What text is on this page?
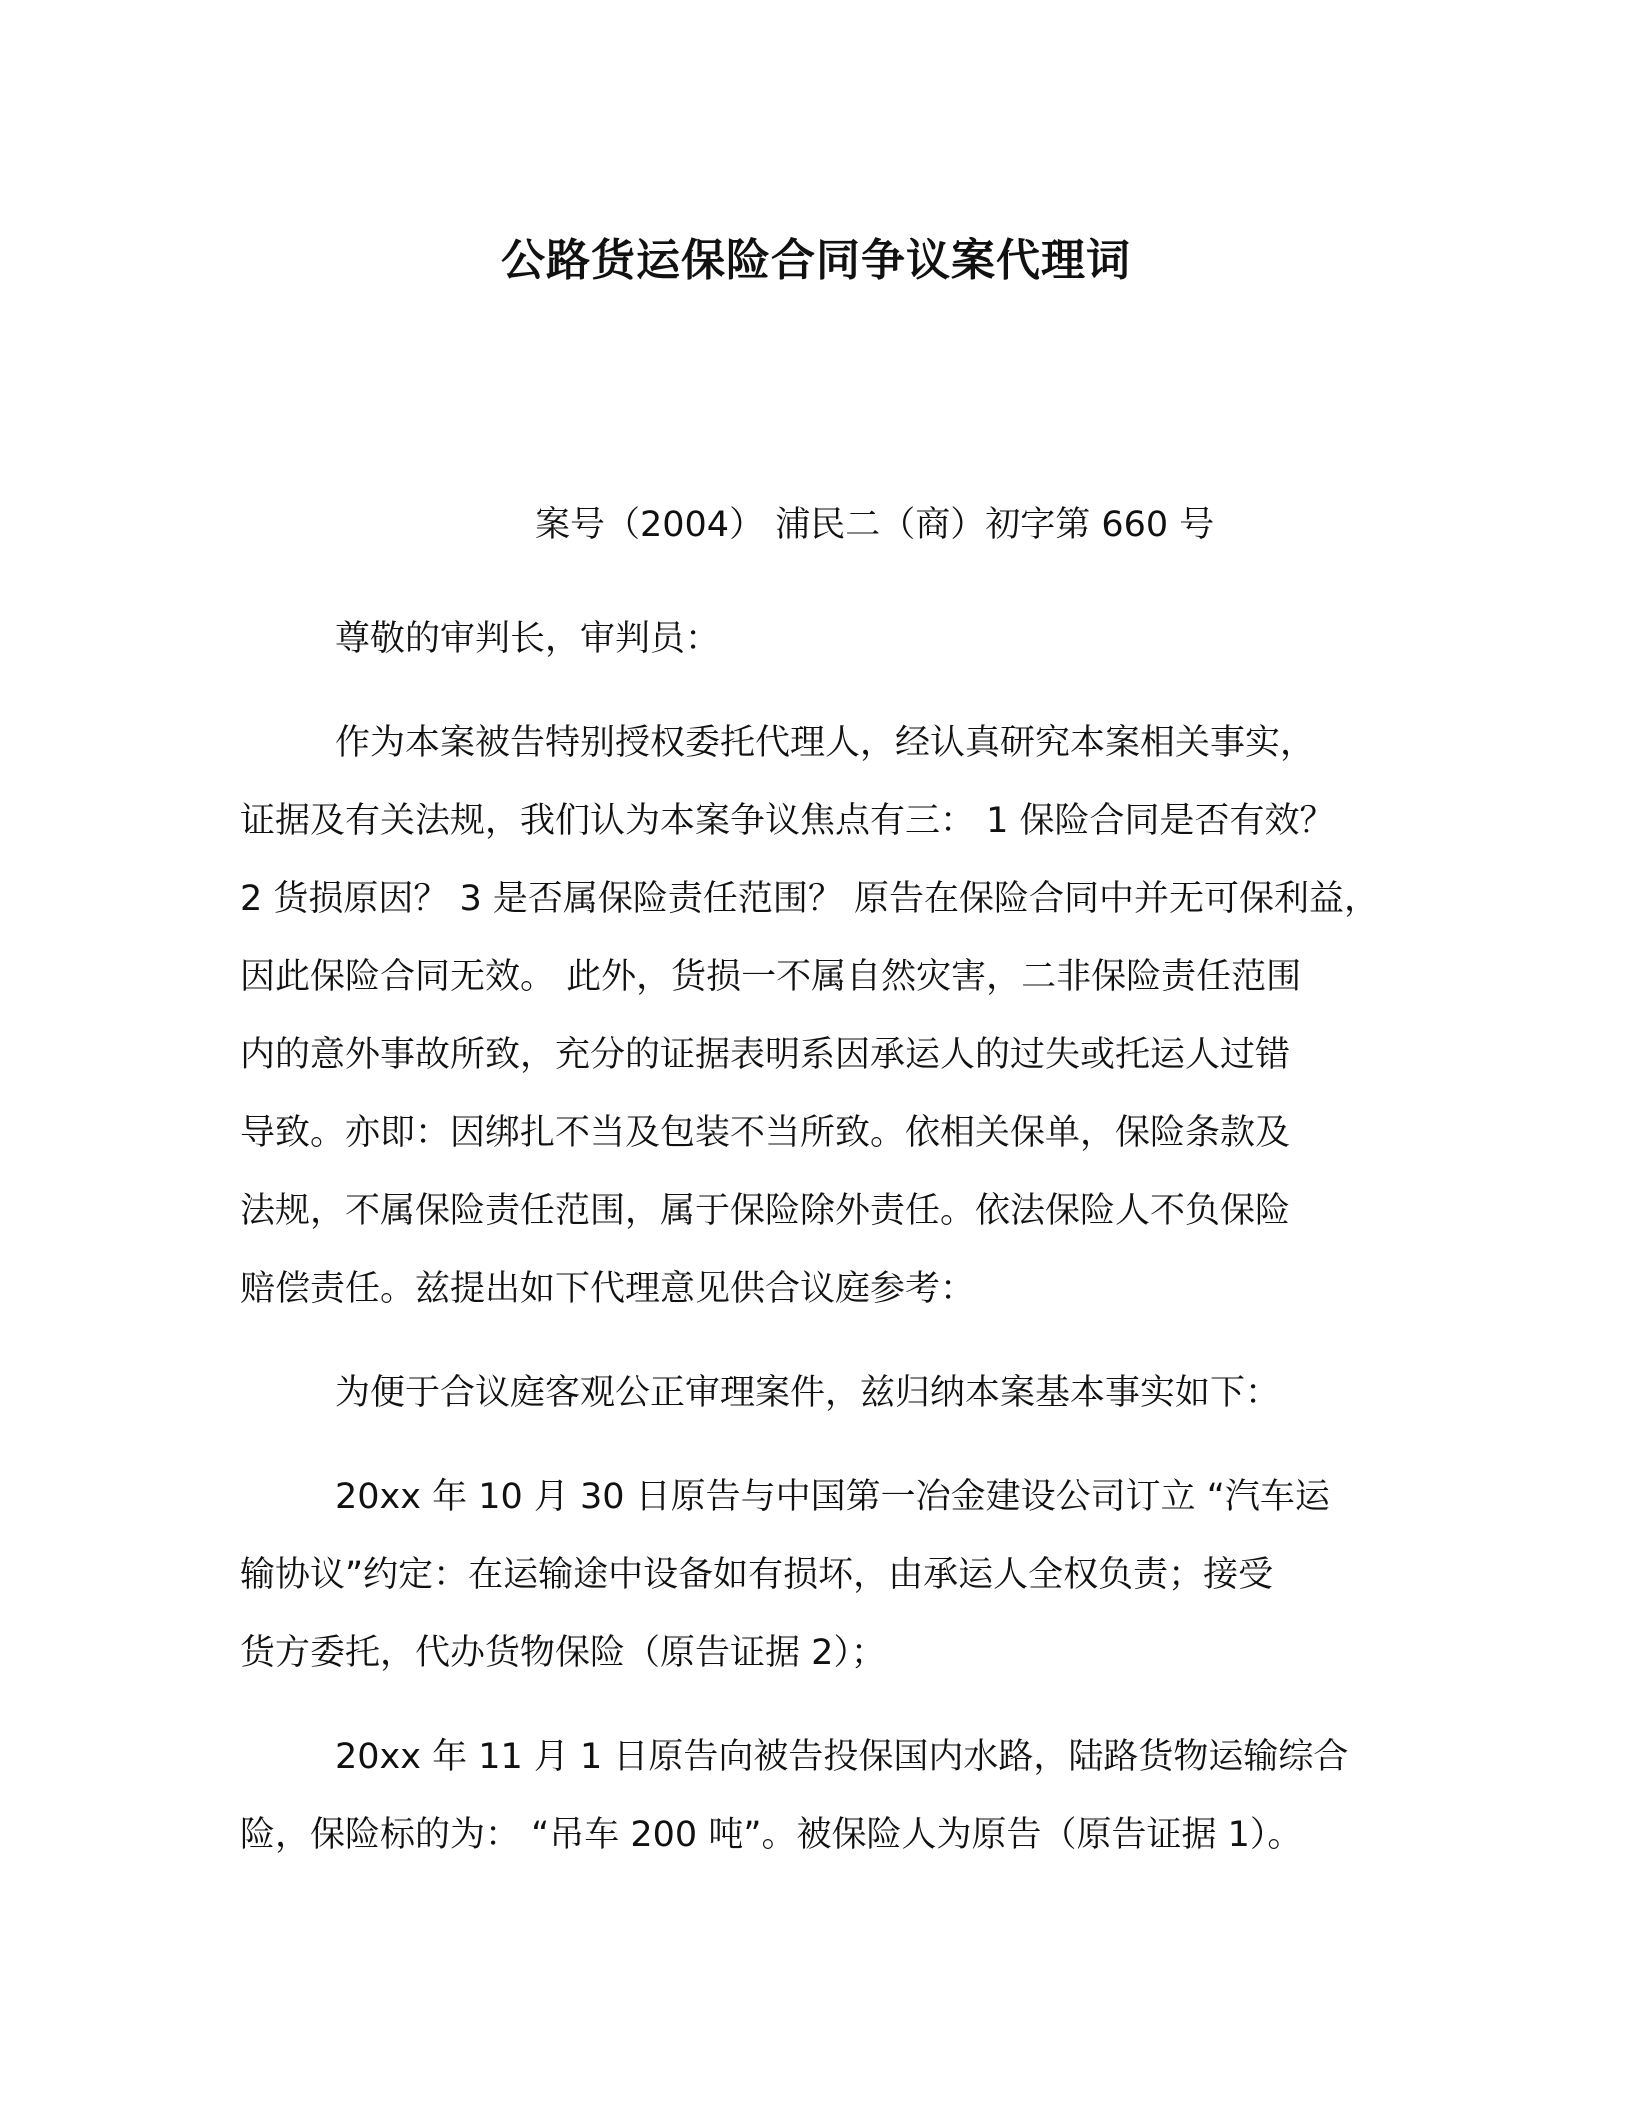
公路货运保险合同争议案代理词

案号（2004） 浦民二（商）初字第 660 号

尊敬的审判长，审判员：

作为本案被告特别授权委托代理人，经认真研究本案相关事实，
证据及有关法规，我们认为本案争议焦点有三： 1 保险合同是否有效？
2 货损原因？ 3 是否属保险责任范围？ 原告在保险合同中并无可保利益，
因此保险合同无效。 此外，货损一不属自然灾害，二非保险责任范围
内的意外事故所致，充分的证据表明系因承运人的过失或托运人过错
导致。亦即：因绑扎不当及包装不当所致。依相关保单，保险条款及
法规，不属保险责任范围，属于保险除外责任。依法保险人不负保险
赔偿责任。兹提出如下代理意见供合议庭参考：

为便于合议庭客观公正审理案件，兹归纳本案基本事实如下：

20xx 年 10 月 30 日原告与中国第一冶金建设公司订立 “汽车运
输协议”约定：在运输途中设备如有损坏，由承运人全权负责；接受
货方委托，代办货物保险（原告证据 2）；

20xx 年 11 月 1 日原告向被告投保国内水路，陆路货物运输综合
险，保险标的为： “吊车 200 吨”。被保险人为原告（原告证据 1）。
